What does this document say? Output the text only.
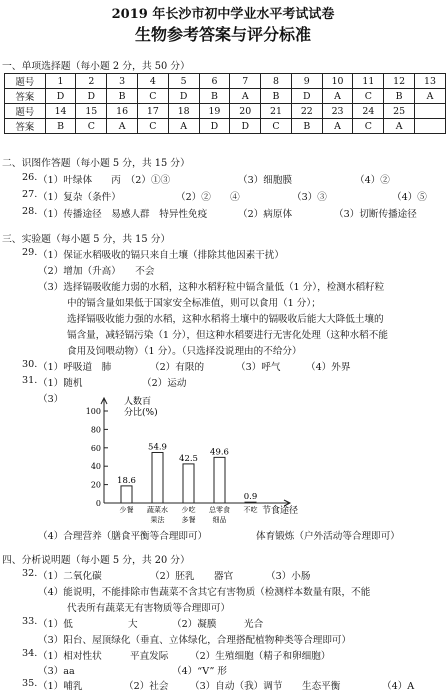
2019 年长沙市初中学业水平考试试卷
生物参考答案与评分标准
一、单项选择题（每小题 2 分，共 50 分）
题号	1	2	3	4	5	6	7	8	9	10	11	12	13
答案	D	D	B	C	D	B	A	B	D	A	C	B	A
题号	14	15	16	17	18	19	20	21	22	23	24	25	
答案	B	C	A	C	A	D	D	C	B	A	C	A	
二、识图作答题（每小题 5 分，共 15 分）
26. （1）叶绿体　　丙　（2）①③	（3）细胞膜	（4）②
27. （1）复杂（条件）	（2）②　　④	（3）③	（4）⑤
28. （1）传播途径　易感人群　特异性免疫	（2）病原体	（3）切断传播途径
三、实验题（每小题 5 分，共 15 分）
29. （1）保证水稻吸收的镉只来自土壤（排除其他因素干扰）
（2）增加（升高）　　不会
（3）选择镉吸收能力弱的水稻，这种水稻籽粒中镉含量低（1 分），检测水稻籽粒
中的镉含量如果低于国家安全标准值，则可以食用（1 分）；
选择镉吸收能力强的水稻，这种水稻将土壤中的镉吸收后能大大降低土壤的
镉含量，减轻镉污染（1 分），但这种水稻要进行无害化处理（这种水稻不能
食用及饲喂动物）（1 分）。（只选择没说理由的不给分）
30. （1）呼吸道　肺	（2）有限的	（3）呼气	（4）外界
31. （1）随机	（2）运动
（3）
100
80
60
40
20
0
人数百
分比(%)
18.6
少餐
54.9
蔬菜水
果法
42.5
少吃
多餐
49.6
总零食
细品
0.9
不吃 节食途径
（4）合理营养（膳食平衡等合理即可）	体育锻炼（户外活动等合理即可）
四、分析说明题（每小题 5 分，共 20 分）
32. （1）二氧化碳	（2）胚乳 器官	（3）小肠
（4）能说明，不能排除市售蔬菜不含其它有害物质（检测样本数量有限，不能
代表所有蔬菜无有害物质等合理即可）
33. （1）低	大	（2）凝膜	光合
（3）阳台、屋顶绿化（垂直、立体绿化，合理搭配植物种类等合理即可）
34. （1）相对性状	平直发际 （2）生殖细胞（精子和卵细胞）
（3）aa	（4）“V” 形
35. （1）哺乳	（2）社会 （3）自动（我）调节 生态平衡	（4）A
